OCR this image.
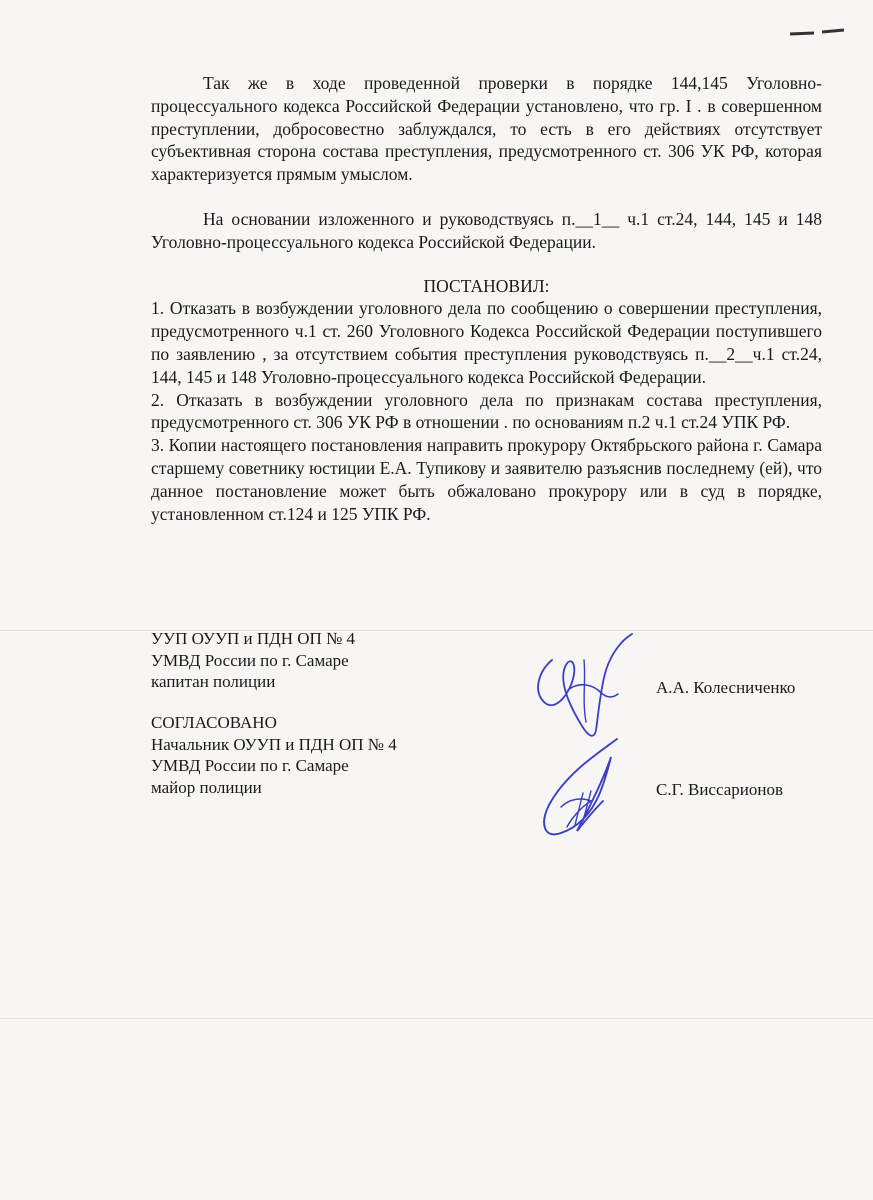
Так же в ходе проведенной проверки в порядке 144,145 Уголовно-процессуального кодекса Российской Федерации установлено, что гр. I . в совершенном преступлении, добросовестно заблуждался, то есть в его действиях отсутствует субъективная сторона состава преступления, предусмотренного ст. 306 УК РФ, которая характеризуется прямым умыслом.

На основании изложенного и руководствуясь п.__1__ ч.1 ст.24, 144, 145 и 148 Уголовно-процессуального кодекса Российской Федерации.

ПОСТАНОВИЛ:

1. Отказать в возбуждении уголовного дела по сообщению о совершении преступления, предусмотренного ч.1 ст. 260 Уголовного Кодекса Российской Федерации поступившего по заявлению , за отсутствием события преступления руководствуясь п.__2__ч.1 ст.24, 144, 145 и 148 Уголовно-процессуального кодекса Российской Федерации.

2. Отказать в возбуждении уголовного дела по признакам состава преступления, предусмотренного ст. 306 УК РФ в отношении . по основаниям п.2 ч.1 ст.24 УПК РФ.

3. Копии настоящего постановления направить прокурору Октябрьского района г. Самара старшему советнику юстиции Е.А. Тупикову и заявителю разъяснив последнему (ей), что данное постановление может быть обжаловано прокурору или в суд в порядке, установленном ст.124 и 125 УПК РФ.

УУП ОУУП и ПДН ОП № 4
УМВД России по г. Самаре
капитан полиции	А.А. Колесниченко
СОГЛАСОВАНО
Начальник ОУУП и ПДН ОП № 4
УМВД России по г. Самаре
майор полиции	С.Г. Виссарионов
